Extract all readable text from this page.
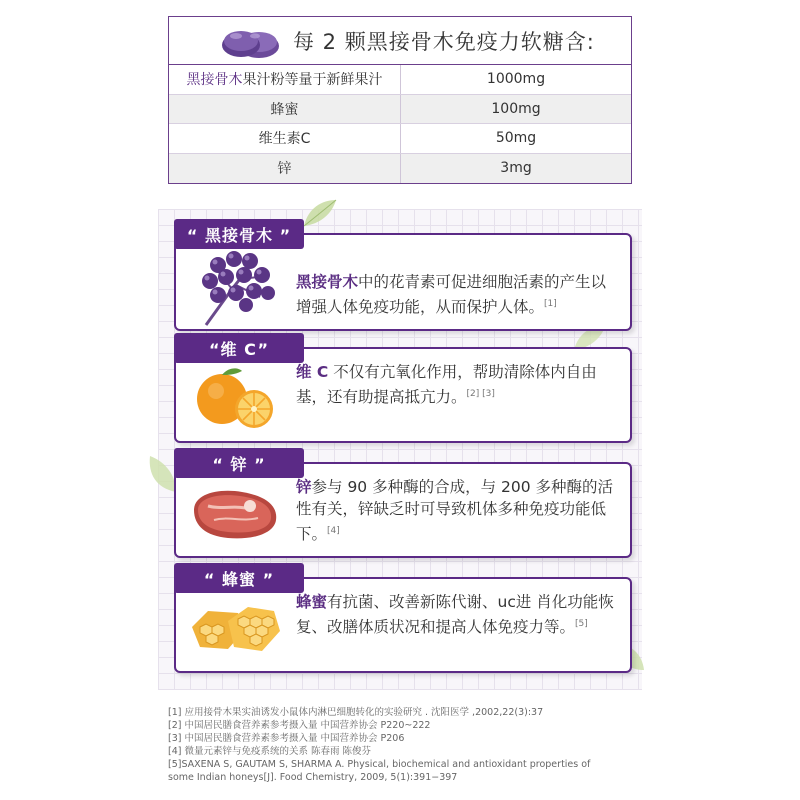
每 2 颗黑接骨木免疫力软糖含:
黑接骨木 果汁粉等量于新鲜果汁	1000mg
蜂蜜	100mg
维生素C	50mg
锌	3mg
黑接骨木中的花青素可促进细胞活素的产生以增强人体免疫功能，从而保护人体。[1]
“ 黑接骨木 ”
维 C 不仅有亢氧化作用，帮助清除体内自由基，还有助提高抵亢力。[2] [3]
“维 C”
锌参与 90 多种酶的合成，与 200 多种酶的活性有关，锌缺乏时可导致机体多种免疫功能低下。[4]
“ 锌 ”
蜂蜜有抗菌、改善新陈代谢、uc进 肖化功能恢复、改膳体质状况和提高人体免疫力等。[5]
“ 蜂蜜 ”
[1] 应用接骨木果实油诱发小鼠体内淋巴细胞转化的实验研究 . 沈阳医学 ,2002,22(3):37
[2] 中国居民膳食营养素参考摄入量 中国营养协会 P220~222
[3] 中国居民膳食营养素参考摄入量 中国营养协会 P206
[4] 微量元素锌与免疫系统的关系 陈春雨 陈俊芬
[5]SAXENA S, GAUTAM S, SHARMA A. Physical, biochemical and antioxidant properties of
some Indian honeys[J]. Food Chemistry, 2009, 5(1):391−397
